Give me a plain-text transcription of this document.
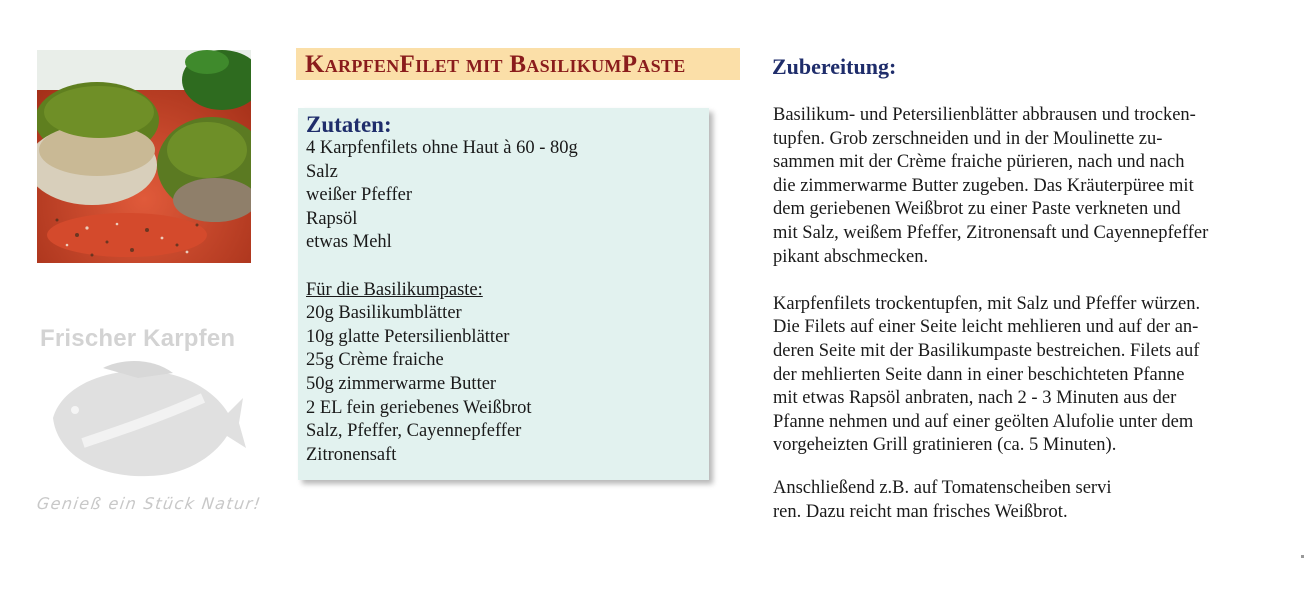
Frischer Karpfen
Genieß ein Stück Natur!
KarpfenFilet mit BasilikumPaste
Zutaten:
4 Karpfenfilets ohne Haut à 60 - 80g
Salz
weißer Pfeffer
Rapsöl
etwas Mehl
Für die Basilikumpaste:
20g Basilikumblätter
10g glatte Petersilienblätter
25g Crème fraiche
50g zimmerwarme Butter
2 EL fein geriebenes Weißbrot
Salz, Pfeffer, Cayennepfeffer
Zitronensaft
Zubereitung:
Basilikum- und Petersilienblätter abbrausen und trocken-
tupfen. Grob zerschneiden und in der Moulinette zu-
sammen mit der Crème fraiche pürieren, nach und nach
die zimmerwarme Butter zugeben. Das Kräuterpüree mit
dem geriebenen Weißbrot zu einer Paste verkneten und
mit Salz, weißem Pfeffer, Zitronensaft und Cayennepfeffer
pikant abschmecken.
Karpfenfilets trockentupfen, mit Salz und Pfeffer würzen.
Die Filets auf einer Seite leicht mehlieren und auf der an-
deren Seite mit der Basilikumpaste bestreichen. Filets auf
der mehlierten Seite dann in einer beschichteten Pfanne
mit etwas Rapsöl anbraten, nach 2 - 3 Minuten aus der
Pfanne nehmen und auf einer geölten Alufolie unter dem
vorgeheizten Grill gratinieren (ca. 5 Minuten).
Anschließend z.B. auf Tomatenscheiben servi
ren. Dazu reicht man frisches Weißbrot.
